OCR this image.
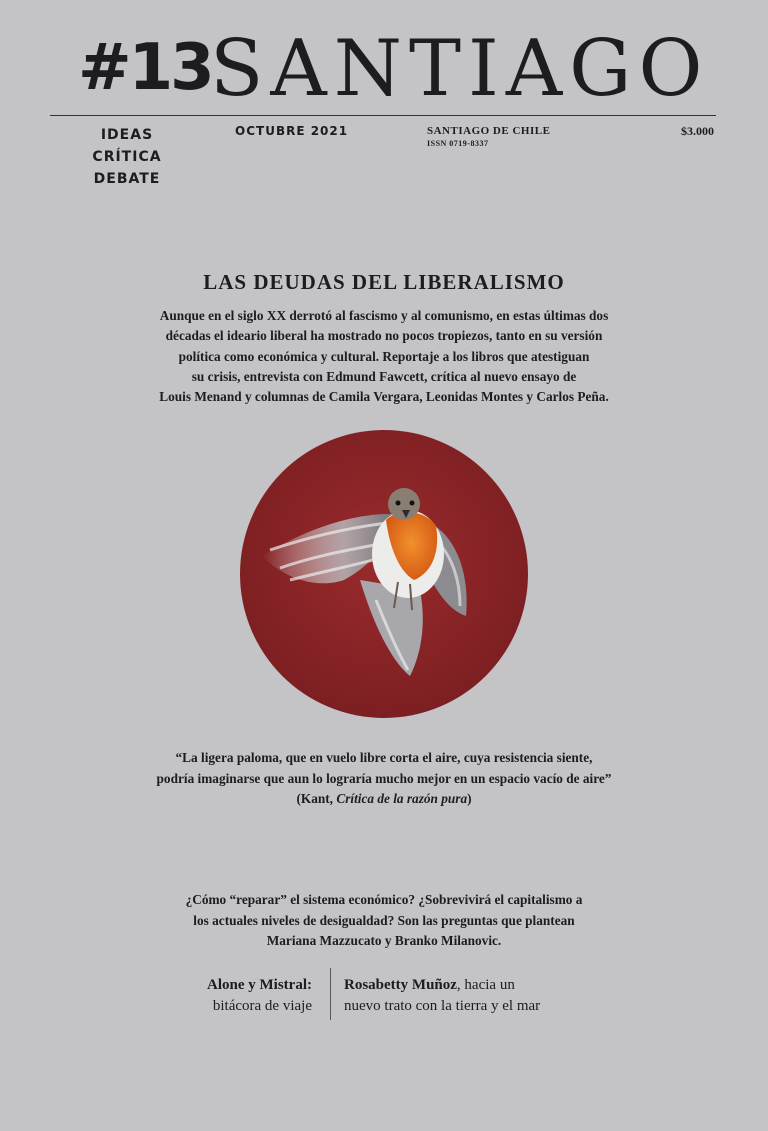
#13
SANTIAGO
IDEAS
CRÍTICA
DEBATE
OCTUBRE 2021	SANTIAGO DE CHILE
ISSN 0719-8337
$3.000
LAS DEUDAS DEL LIBERALISMO
Aunque en el siglo XX derrotó al fascismo y al comunismo, en estas últimas dos
décadas el ideario liberal ha mostrado no pocos tropiezos, tanto en su versión
política como económica y cultural. Reportaje a los libros que atestiguan
su crisis, entrevista con Edmund Fawcett, crítica al nuevo ensayo de
Louis Menand y columnas de Camila Vergara, Leonidas Montes y Carlos Peña.
“La ligera paloma, que en vuelo libre corta el aire, cuya resistencia siente,
podría imaginarse que aun lo lograría mucho mejor en un espacio vacío de aire”
(Kant, Crítica de la razón pura)
¿Cómo “reparar” el sistema económico? ¿Sobrevivirá el capitalismo a
los actuales niveles de desigualdad? Son las preguntas que plantean
Mariana Mazzucato y Branko Milanovic.
Alone y Mistral:
bitácora de viaje
Rosabetty Muñoz, hacia un
nuevo trato con la tierra y el mar
